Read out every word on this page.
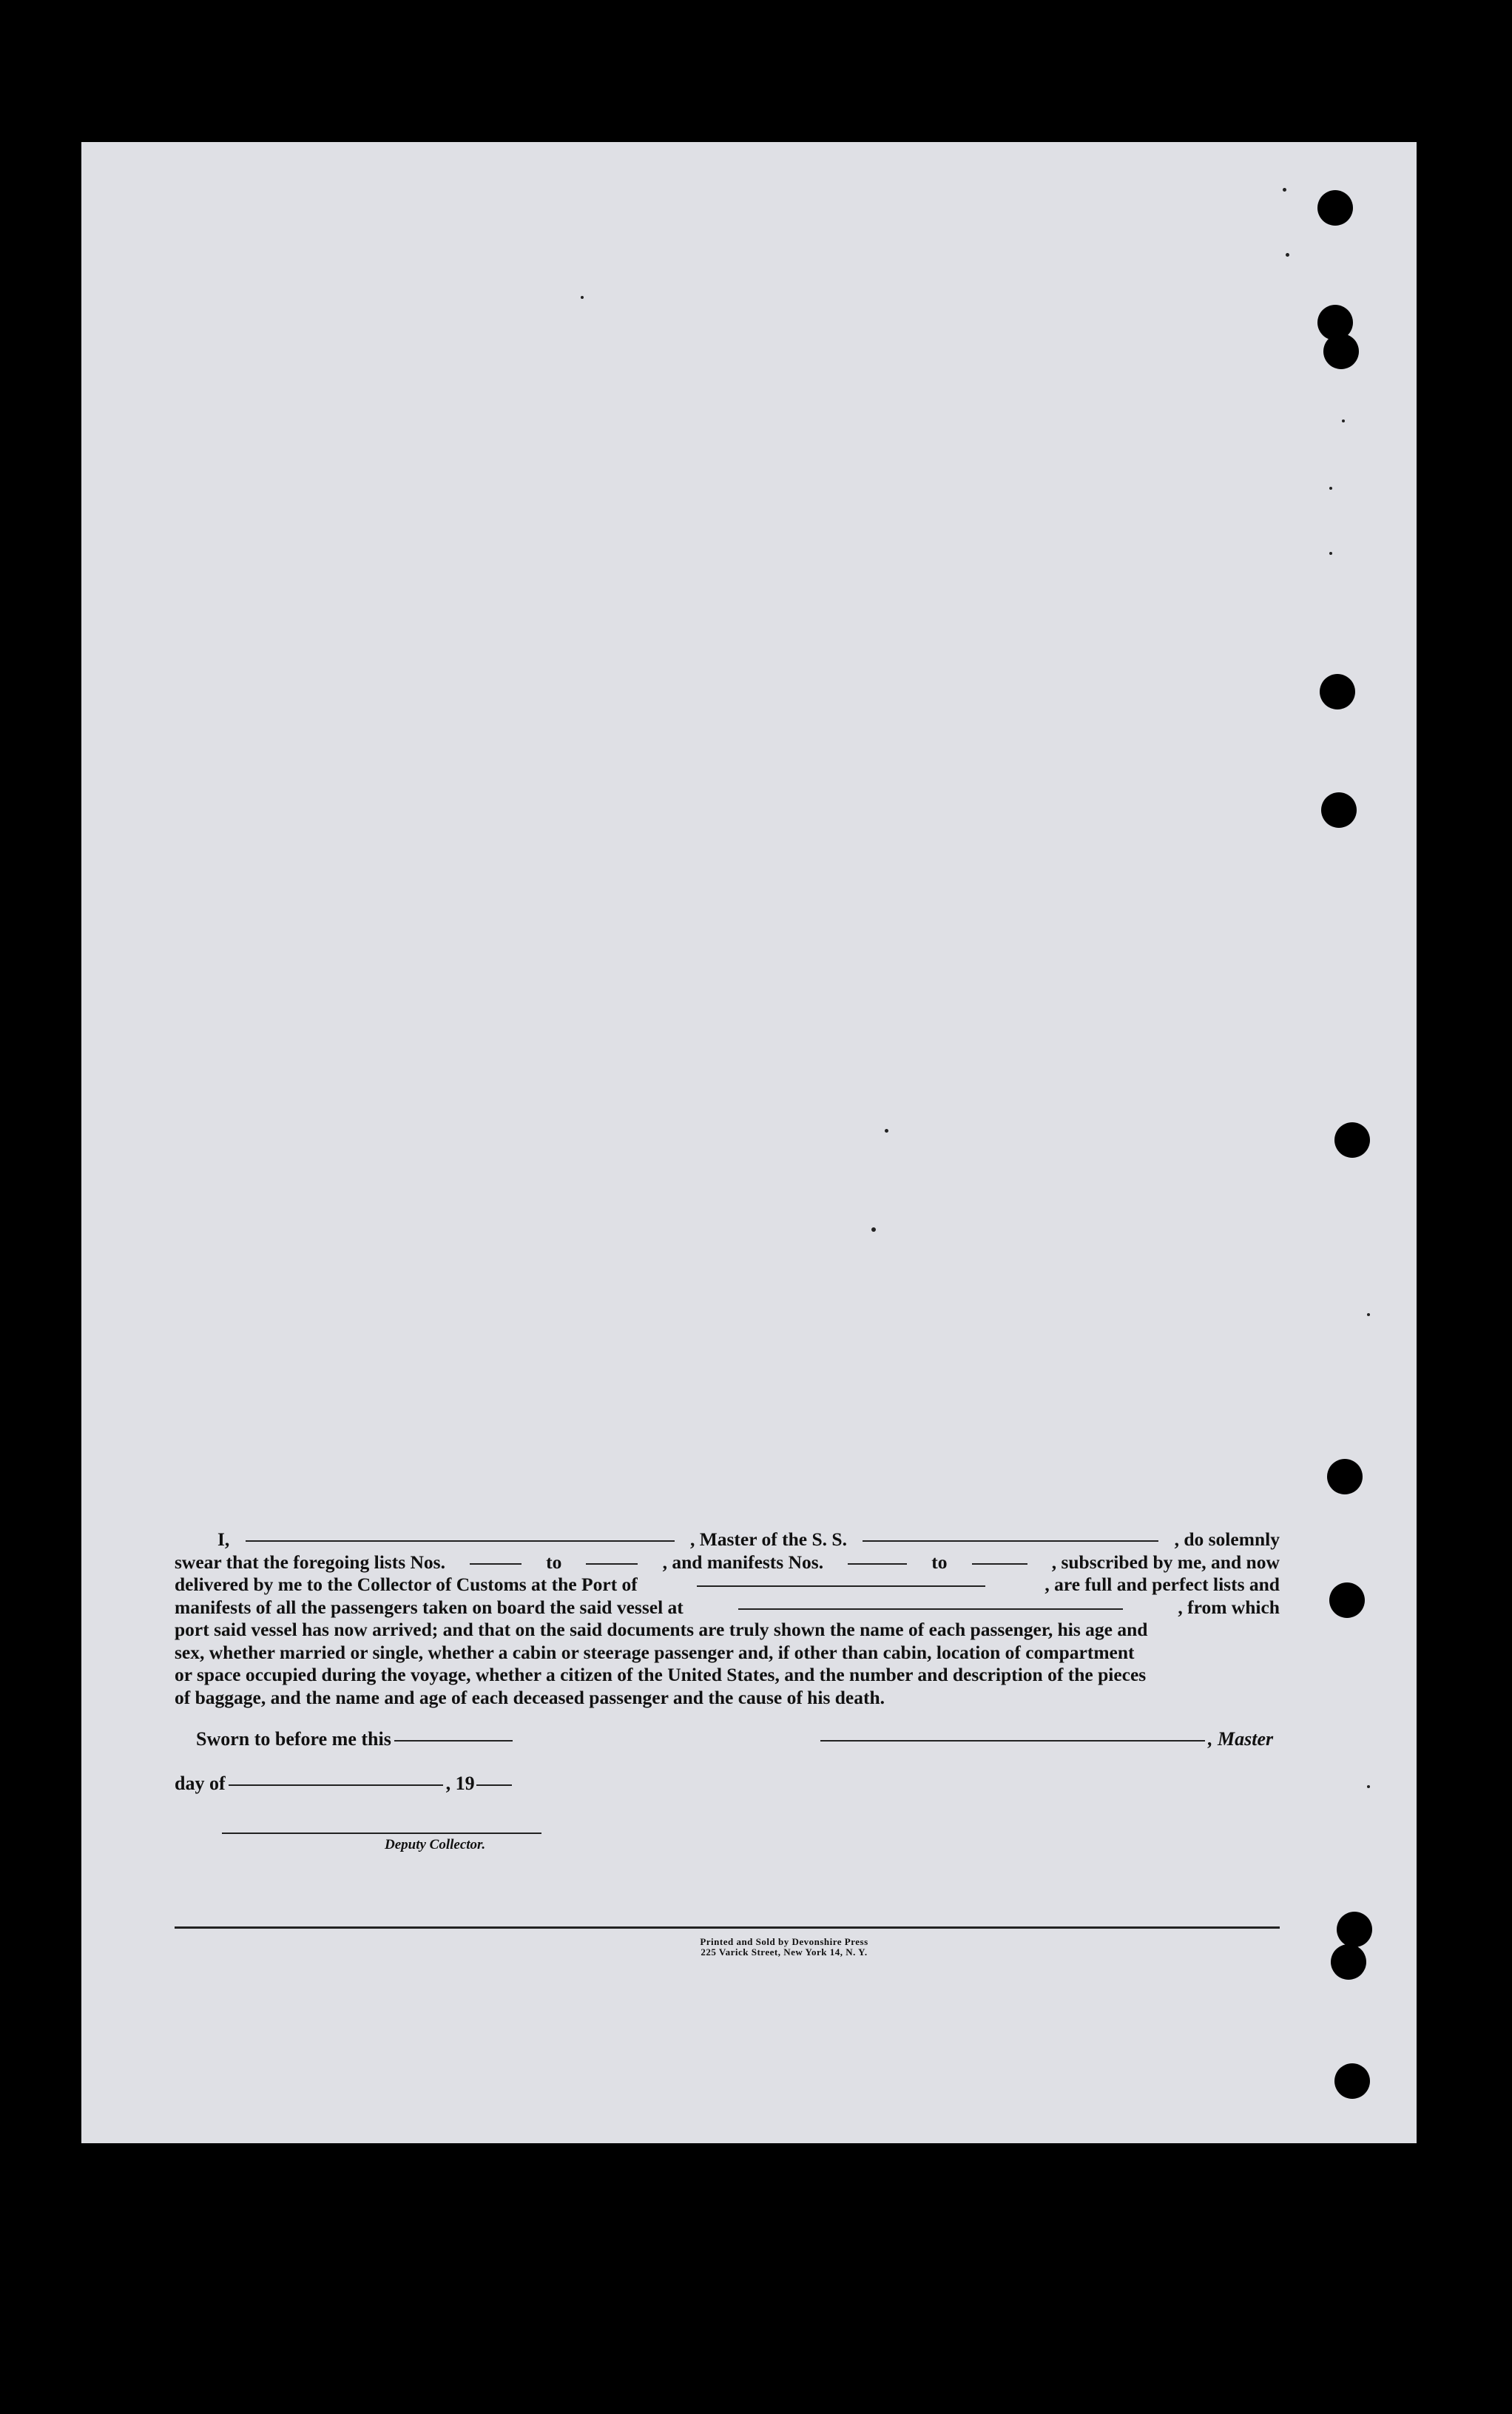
I,	, Master of the S. S.	, do solemnly
swear that the foregoing lists Nos.	to	, and manifests Nos.	to	, subscribed by me, and now
delivered by me to the Collector of Customs at the Port of	, are full and perfect lists and
manifests of all the passengers taken on board the said vessel at	, from which
port said vessel has now arrived; and that on the said documents are truly shown the name of each passenger, his age and
sex, whether married or single, whether a cabin or steerage passenger and, if other than cabin, location of compartment
or space occupied during the voyage, whether a citizen of the United States, and the number and description of the pieces
of baggage, and the name and age of each deceased passenger and the cause of his death.
Sworn to before me this	, Master
day of	, 19
Deputy Collector.
Printed and Sold by Devonshire Press
225 Varick Street, New York 14, N. Y.
